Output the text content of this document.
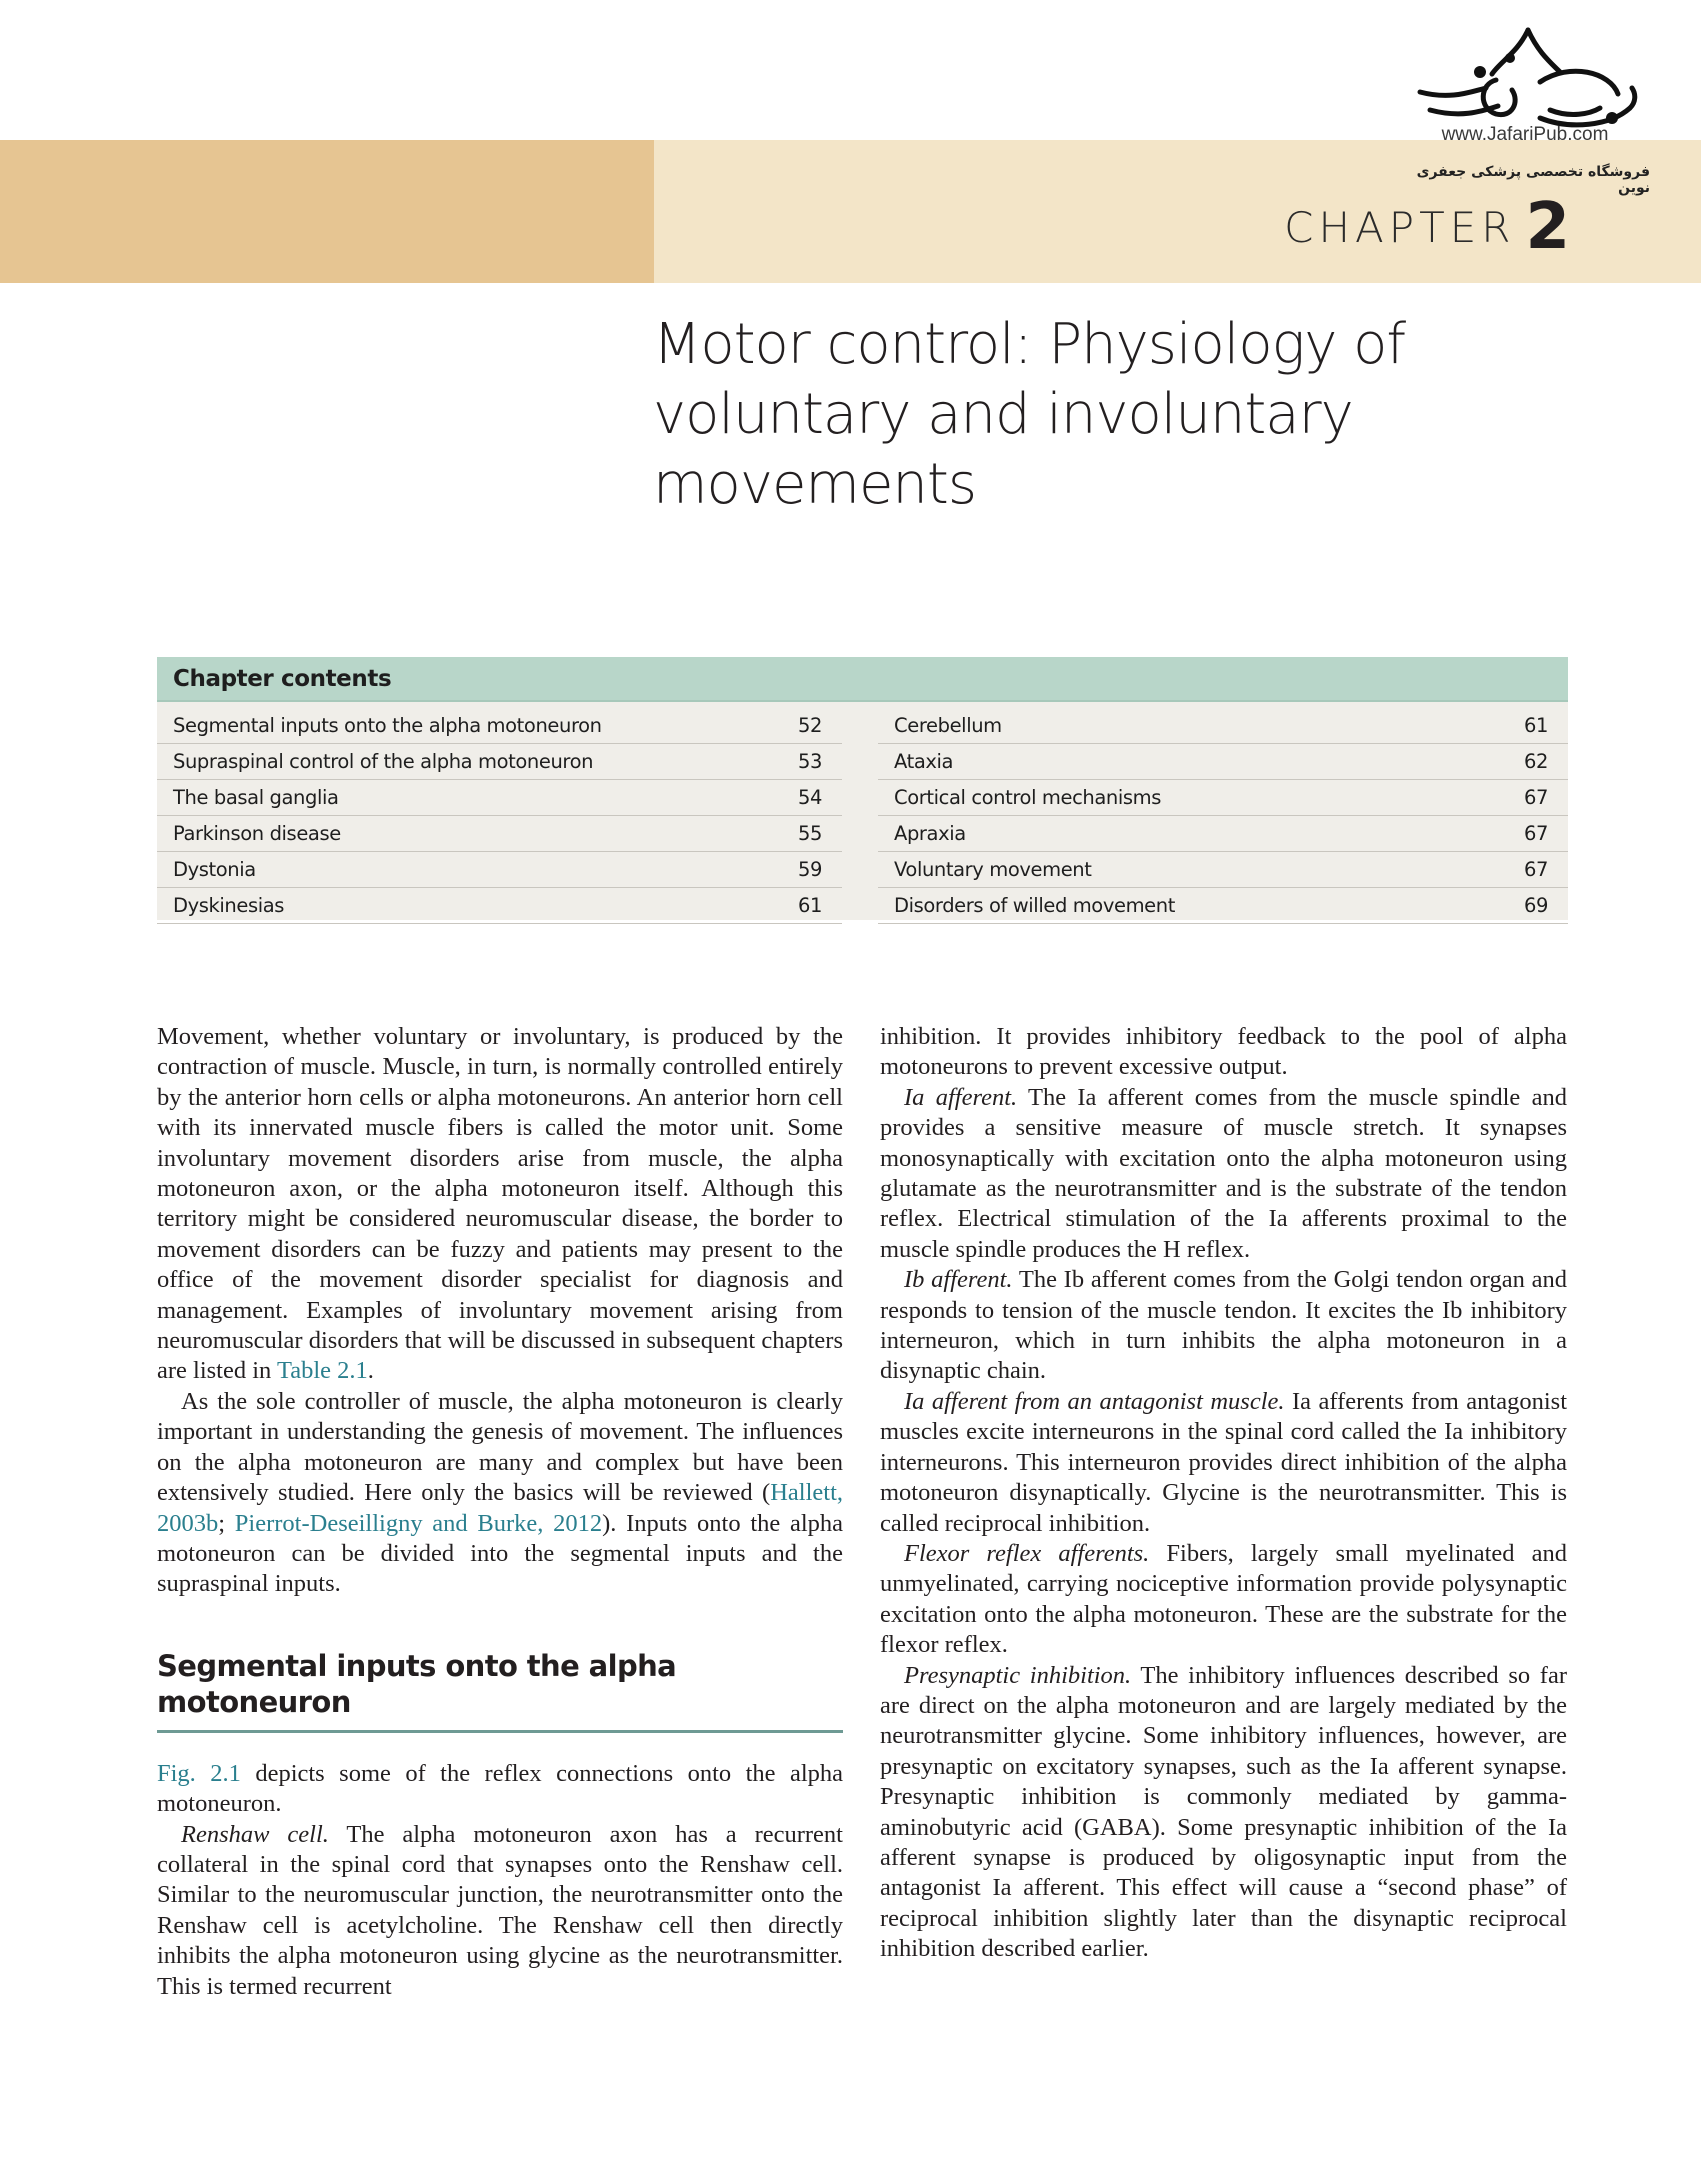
www.JafariPub.com
فروشگاه تخصصی پزشکی جعفری نوین
CHAPTER 2
Motor control: Physiology of
voluntary and involuntary
movements
Chapter contents
Segmental inputs onto the alpha motoneuron	52
Supraspinal control of the alpha motoneuron	53
The basal ganglia	54
Parkinson disease	55
Dystonia	59
Dyskinesias	61
Cerebellum	61
Ataxia	62
Cortical control mechanisms	67
Apraxia	67
Voluntary movement	67
Disorders of willed movement	69

Movement, whether voluntary or involuntary, is produced by the contraction of muscle. Muscle, in turn, is normally controlled entirely by the anterior horn cells or alpha motoneurons. An anterior horn cell with its innervated muscle fibers is called the motor unit. Some involuntary movement disorders arise from muscle, the alpha motoneuron axon, or the alpha motoneuron itself. Although this territory might be considered neuromuscular disease, the border to movement disorders can be fuzzy and patients may present to the office of the movement disorder specialist for diagnosis and management. Examples of involuntary movement arising from neuromuscular disorders that will be discussed in subsequent chapters are listed in Table 2.1.

As the sole controller of muscle, the alpha motoneuron is clearly important in understanding the genesis of movement. The influences on the alpha motoneuron are many and complex but have been extensively studied. Here only the basics will be reviewed (Hallett, 2003b; Pierrot-Deseilligny and Burke, 2012). Inputs onto the alpha motoneuron can be divided into the segmental inputs and the supraspinal inputs.

Segmental inputs onto the alpha motoneuron

Fig. 2.1 depicts some of the reflex connections onto the alpha motoneuron.

Renshaw cell. The alpha motoneuron axon has a recurrent collateral in the spinal cord that synapses onto the Renshaw cell. Similar to the neuromuscular junction, the neurotransmitter onto the Renshaw cell is acetylcholine. The Renshaw cell then directly inhibits the alpha motoneuron using glycine as the neurotransmitter. This is termed recurrent

inhibition. It provides inhibitory feedback to the pool of alpha motoneurons to prevent excessive output.

Ia afferent. The Ia afferent comes from the muscle spindle and provides a sensitive measure of muscle stretch. It synapses monosynaptically with excitation onto the alpha motoneuron using glutamate as the neurotransmitter and is the substrate of the tendon reflex. Electrical stimulation of the Ia afferents proximal to the muscle spindle produces the H reflex.

Ib afferent. The Ib afferent comes from the Golgi tendon organ and responds to tension of the muscle tendon. It excites the Ib inhibitory interneuron, which in turn inhibits the alpha motoneuron in a disynaptic chain.

Ia afferent from an antagonist muscle. Ia afferents from antagonist muscles excite interneurons in the spinal cord called the Ia inhibitory interneurons. This interneuron provides direct inhibition of the alpha motoneuron disynaptically. Glycine is the neurotransmitter. This is called reciprocal inhibition.

Flexor reflex afferents. Fibers, largely small myelinated and unmyelinated, carrying nociceptive information provide polysynaptic excitation onto the alpha motoneuron. These are the substrate for the flexor reflex.

Presynaptic inhibition. The inhibitory influences described so far are direct on the alpha motoneuron and are largely mediated by the neurotransmitter glycine. Some inhibitory influences, however, are presynaptic on excitatory synapses, such as the Ia afferent synapse. Presynaptic inhibition is commonly mediated by gamma-aminobutyric acid (GABA). Some presynaptic inhibition of the Ia afferent synapse is produced by oligosynaptic input from the antagonist Ia afferent. This effect will cause a “second phase” of reciprocal inhibition slightly later than the disynaptic reciprocal inhibition described earlier.
